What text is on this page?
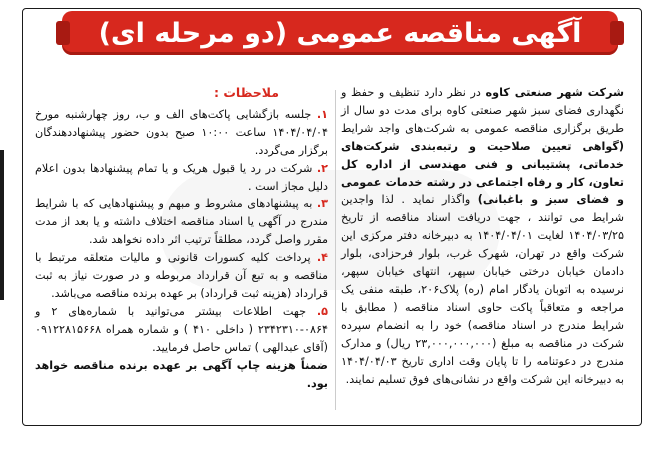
آگهی مناقصه عمومی (دو مرحله ای)

شرکت شهر صنعتی کاوه در نظر دارد تنظیف و حفظ و نگهداری فضای سبز شهر صنعتی کاوه برای مدت دو سال از طریق برگزاری مناقصه عمومی به شرکت‌های واجد شرایط (گواهی تعیین صلاحیت و رتبه‌بندی شرکت‌های خدماتی، پشتیبانی و فنی مهندسی از اداره کل تعاون، کار و رفاه اجتماعی در رشته خدمات عمومی و فضای سبز و باغبانی) واگذار نماید . لذا واجدین شرایط می توانند ، جهت دریافت اسناد مناقصه از تاریخ ۱۴۰۴/۰۳/۲۵ لغایت ۱۴۰۴/۰۴/۰۱ به دبیرخانه دفتر مرکزی این شرکت واقع در تهران، شهرک غرب، بلوار فرحزادی، بلوار دادمان خیابان درختی خیابان سپهر، انتهای خیابان سپهر، نرسیده به اتوبان یادگار امام (ره) پلاک۲۰۶، طبقه منفی یک مراجعه و متعاقباً پاکت حاوی اسناد مناقصه ( مطابق با شرایط مندرج در اسناد مناقصه) خود را به انضمام سپرده شرکت در مناقصه به مبلغ (۲۳,۰۰۰,۰۰۰,۰۰۰ ریال) و مدارک مندرج در دعوتنامه را تا پایان وقت اداری تاریخ ۱۴۰۴/۰۴/۰۳ به دبیرخانه این شرکت واقع در نشانی‌های فوق تسلیم نمایند.

ملاحظات :

۱. جلسه بازگشایی پاکت‌های الف و ب، روز چهارشنبه مورخ ۱۴۰۴/۰۴/۰۴ ساعت ۱۰:۰۰ صبح بدون حضور پیشنهاددهندگان برگزار می‌گردد.

۲. شرکت در رد یا قبول هریک و یا تمام پیشنهادها بدون اعلام دلیل مجاز است .

۳. به پیشنهادهای مشروط و مبهم و پیشنهادهایی که با شرایط مندرج در آگهی یا اسناد مناقصه اختلاف داشته و یا بعد از مدت مقرر واصل گردد، مطلقاً ترتیب اثر داده نخواهد شد.

۴. پرداخت کلیه کسورات قانونی و مالیات متعلقه مرتبط با مناقصه و به تبع آن قرارداد مربوطه و در صورت نیاز به ثبت قرارداد (هزینه ثبت قرارداد) بر عهده برنده مناقصه می‌باشد.

۵. جهت اطلاعات بیشتر می‌توانید با شماره‌های ۲ و ۰۸۶۴-۲۳۴۲۳۱۰ ( داخلی ۴۱۰ ) و شماره همراه ۰۹۱۲۲۸۱۵۶۶۸ (آقای عبدالهی ) تماس حاصل فرمایید.

ضمناً هزینه چاپ آگهی بر عهده برنده مناقصه خواهد بود.
